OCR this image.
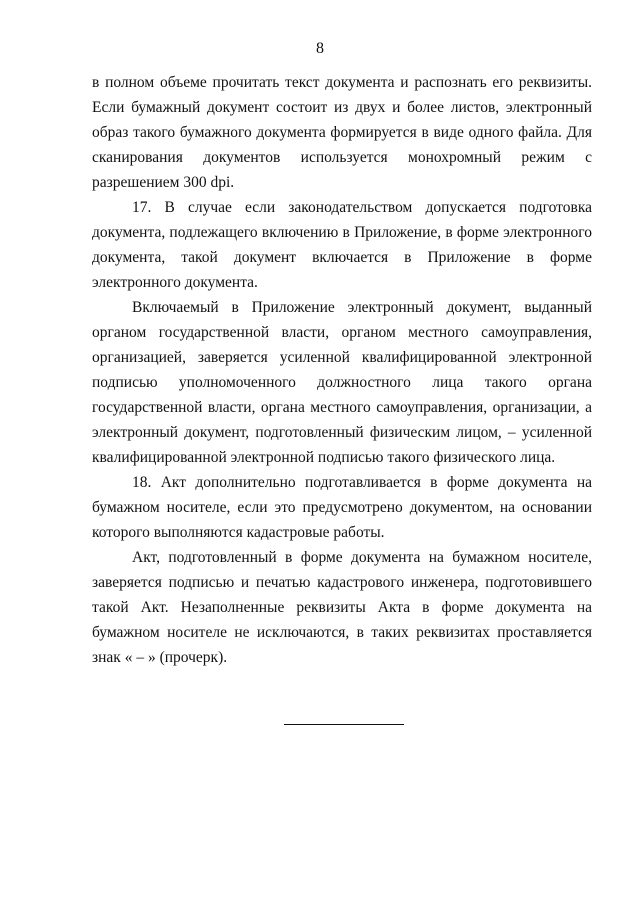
8

в полном объеме прочитать текст документа и распознать его реквизиты. Если бумажный документ состоит из двух и более листов, электронный образ такого бумажного документа формируется в виде одного файла. Для сканирования документов используется монохромный режим с разрешением 300 dpi.

17. В случае если законодательством допускается подготовка документа, подлежащего включению в Приложение, в форме электронного документа, такой документ включается в Приложение в форме электронного документа.

Включаемый в Приложение электронный документ, выданный органом государственной власти, органом местного самоуправления, организацией, заверяется усиленной квалифицированной электронной подписью уполномоченного должностного лица такого органа государственной власти, органа местного самоуправления, организации, а электронный документ, подготовленный физическим лицом, – усиленной квалифицированной электронной подписью такого физического лица.

18. Акт дополнительно подготавливается в форме документа на бумажном носителе, если это предусмотрено документом, на основании которого выполняются кадастровые работы.

Акт, подготовленный в форме документа на бумажном носителе, заверяется подписью и печатью кадастрового инженера, подготовившего такой Акт. Незаполненные реквизиты Акта в форме документа на бумажном носителе не исключаются, в таких реквизитах проставляется знак « – » (прочерк).
